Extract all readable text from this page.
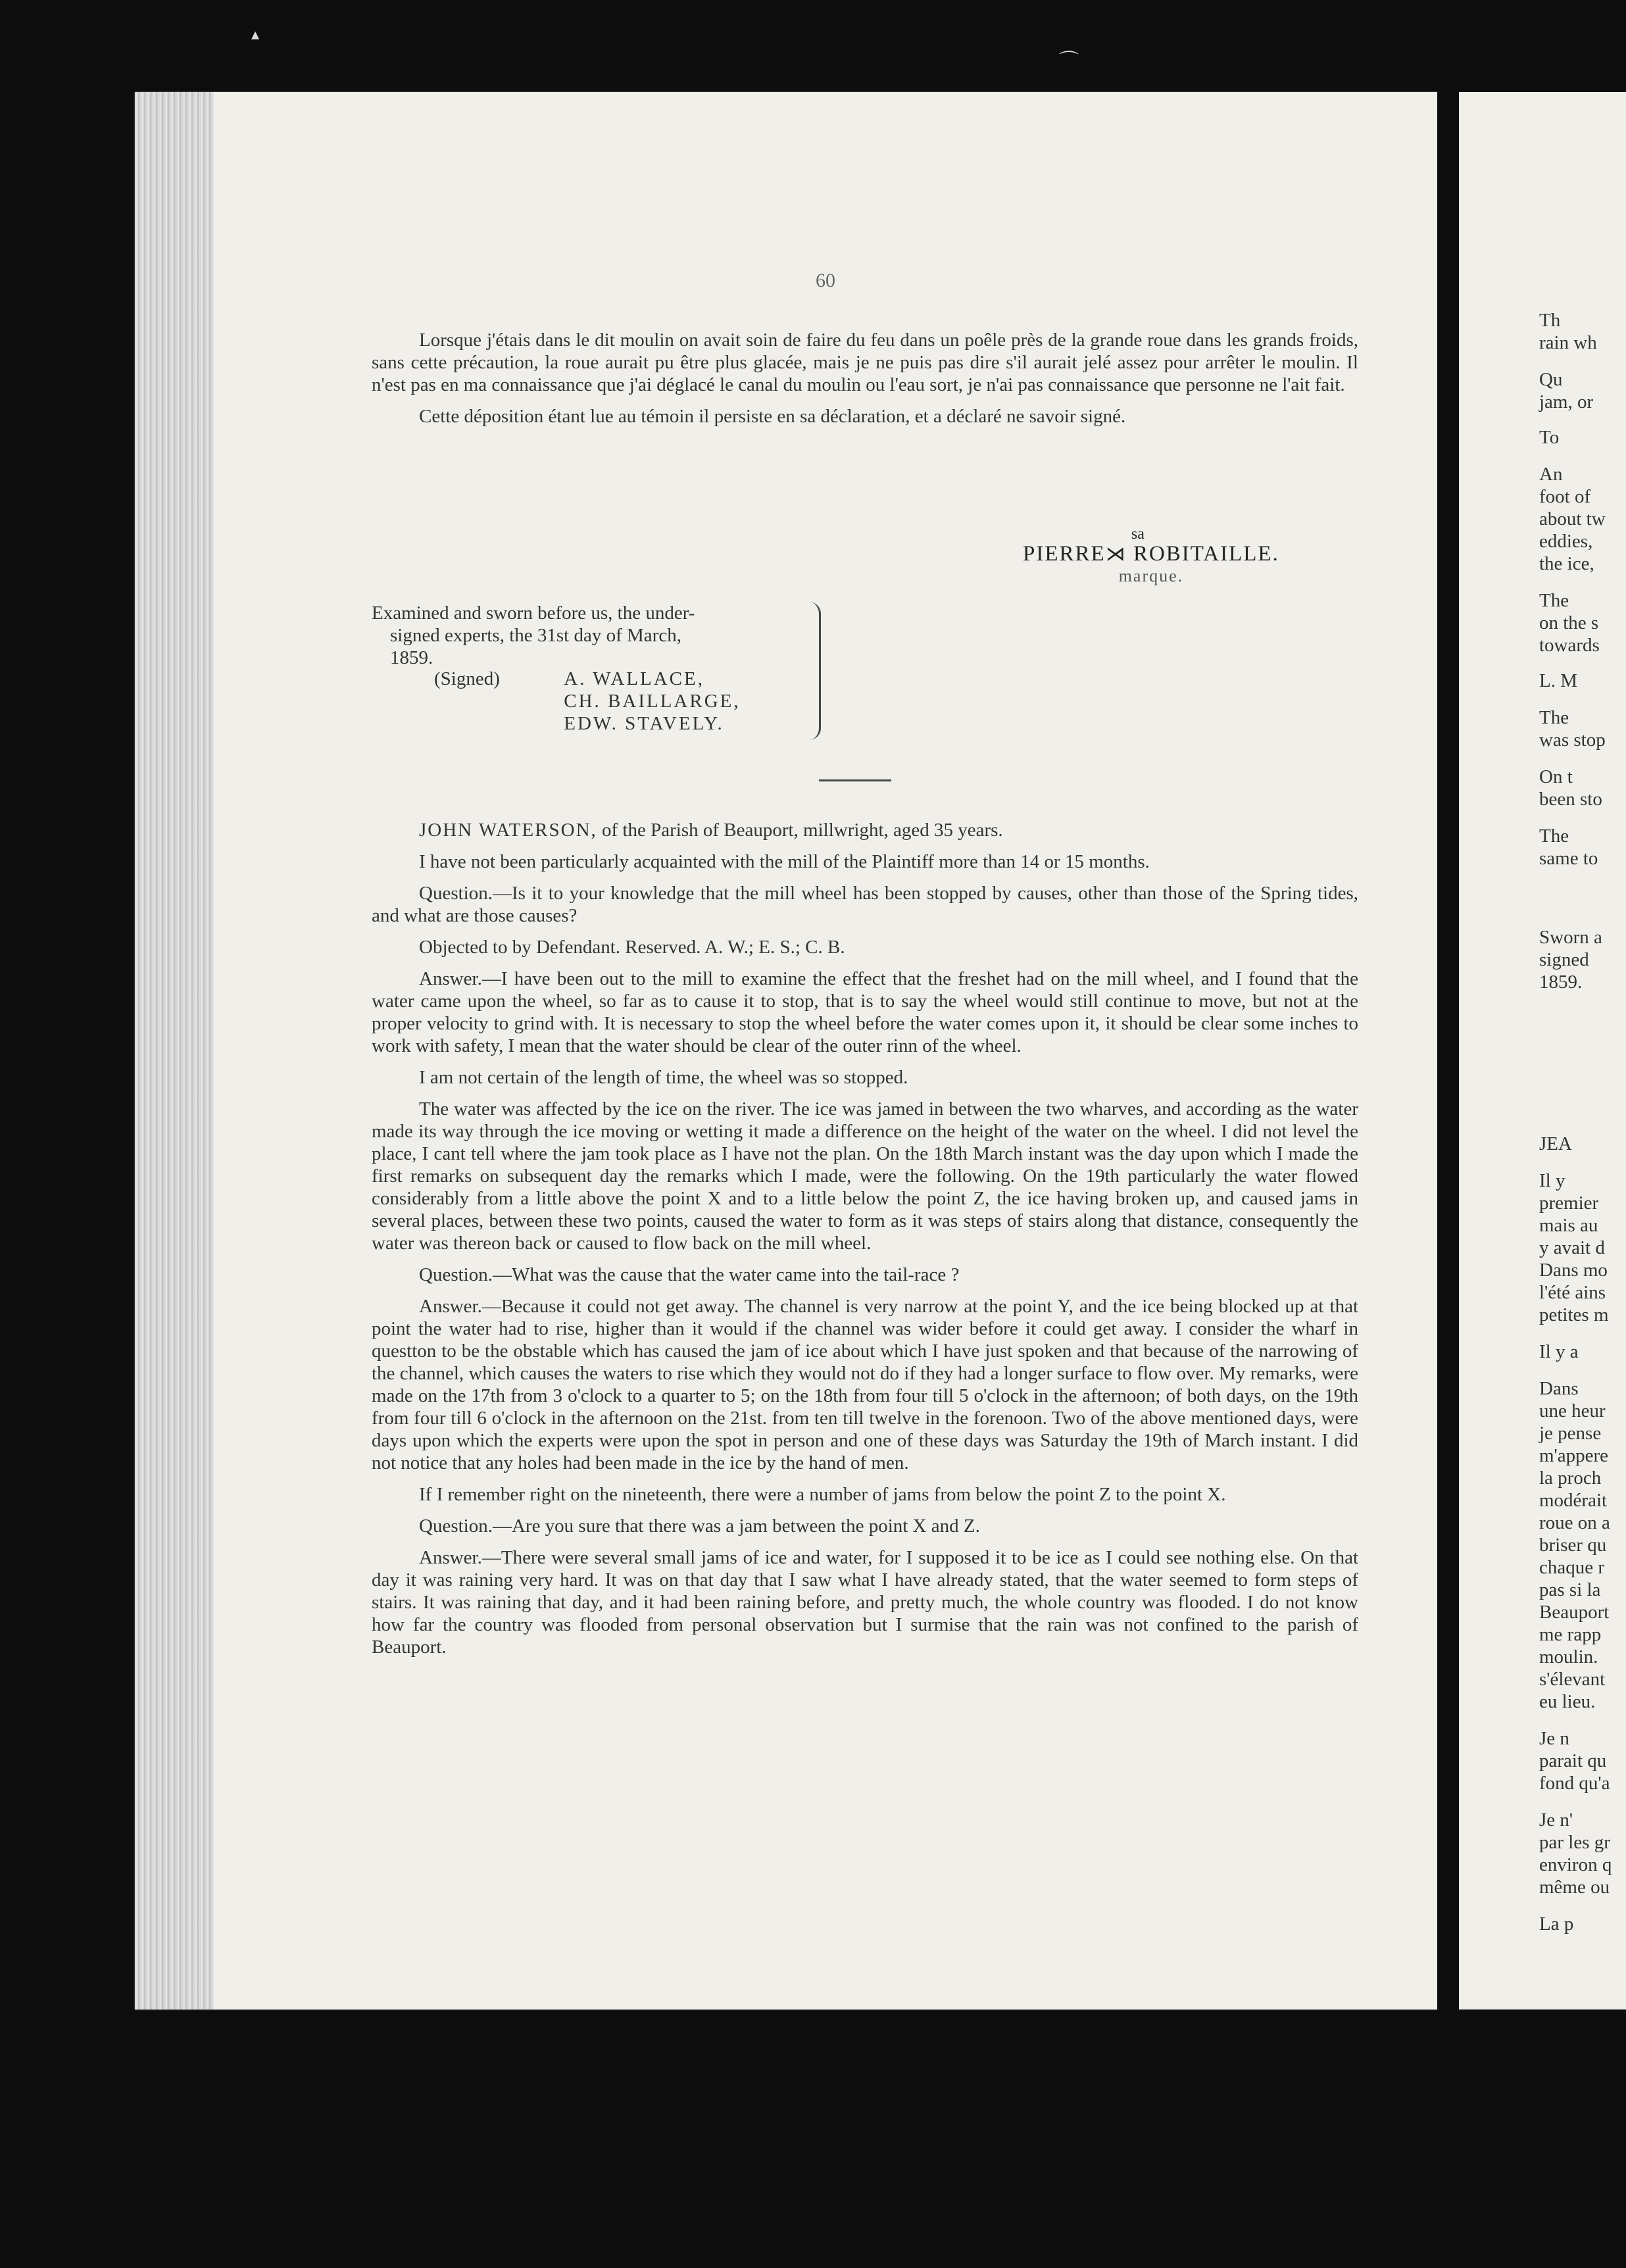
▴
⌒
60

Lorsque j'étais dans le dit moulin on avait soin de faire du feu dans un poêle près de la grande roue dans les grands froids, sans cette précaution, la roue aurait pu être plus glacée, mais je ne puis pas dire s'il aurait jelé assez pour arrêter le moulin. Il n'est pas en ma connaissance que j'ai déglacé le canal du moulin ou l'eau sort, je n'ai pas connaissance que personne ne l'ait fait.

Cette déposition étant lue au témoin il persiste en sa déclaration, et a déclaré ne savoir signé.

sa
PIERRE⋊ ROBITAILLE.
marque.
Examined and sworn before us, the under-
signed experts, the 31st day of March,
1859.
(Signed)	A. WALLACE,
CH. BAILLARGE,
EDW. STAVELY.

JOHN WATERSON, of the Parish of Beauport, millwright, aged 35 years.

I have not been particularly acquainted with the mill of the Plaintiff more than 14 or 15 months.

Question.—Is it to your knowledge that the mill wheel has been stopped by causes, other than those of the Spring tides, and what are those causes?

Objected to by Defendant. Reserved. A. W.; E. S.; C. B.

Answer.—I have been out to the mill to examine the effect that the freshet had on the mill wheel, and I found that the water came upon the wheel, so far as to cause it to stop, that is to say the wheel would still continue to move, but not at the proper velocity to grind with. It is necessary to stop the wheel before the water comes upon it, it should be clear some inches to work with safety, I mean that the water should be clear of the outer rinn of the wheel.

I am not certain of the length of time, the wheel was so stopped.

The water was affected by the ice on the river. The ice was jamed in between the two wharves, and according as the water made its way through the ice moving or wetting it made a difference on the height of the water on the wheel. I did not level the place, I cant tell where the jam took place as I have not the plan. On the 18th March instant was the day upon which I made the first remarks on subsequent day the remarks which I made, were the following. On the 19th particularly the water flowed considerably from a little above the point X and to a little below the point Z, the ice having broken up, and caused jams in several places, between these two points, caused the water to form as it was steps of stairs along that distance, consequently the water was thereon back or caused to flow back on the mill wheel.

Question.—What was the cause that the water came into the tail-race ?

Answer.—Because it could not get away. The channel is very narrow at the point Y, and the ice being blocked up at that point the water had to rise, higher than it would if the channel was wider before it could get away. I consider the wharf in questton to be the obstable which has caused the jam of ice about which I have just spoken and that because of the narrowing of the channel, which causes the waters to rise which they would not do if they had a longer surface to flow over. My remarks, were made on the 17th from 3 o'clock to a quarter to 5; on the 18th from four till 5 o'clock in the afternoon; of both days, on the 19th from four till 6 o'clock in the afternoon on the 21st. from ten till twelve in the forenoon. Two of the above mentioned days, were days upon which the experts were upon the spot in person and one of these days was Saturday the 19th of March instant. I did not notice that any holes had been made in the ice by the hand of men.

If I remember right on the nineteenth, there were a number of jams from below the point Z to the point X.

Question.—Are you sure that there was a jam between the point X and Z.

Answer.—There were several small jams of ice and water, for I supposed it to be ice as I could see nothing else. On that day it was raining very hard. It was on that day that I saw what I have already stated, that the water seemed to form steps of stairs. It was raining that day, and it had been raining before, and pretty much, the whole country was flooded. I do not know how far the country was flooded from personal observation but I surmise that the rain was not confined to the parish of Beauport.

Th
rain wh
Qu
jam, or
To
An
foot of
about tw
eddies,
the ice,
The
on the s
towards
L. M
The
was stop
On t
been sto
The
same to
Sworn a
signed
1859.
JEA
Il y
premier
mais au
y avait d
Dans mo
l'été ains
petites m
Il y a
Dans
une heur
je pense
m'appere
la proch
modérait
roue on a
briser qu
chaque r
pas si la
Beauport
me rapp
moulin.
s'élevant
eu lieu.
Je n
parait qu
fond qu'a
Je n'
par les gr
environ q
même ou
La p
